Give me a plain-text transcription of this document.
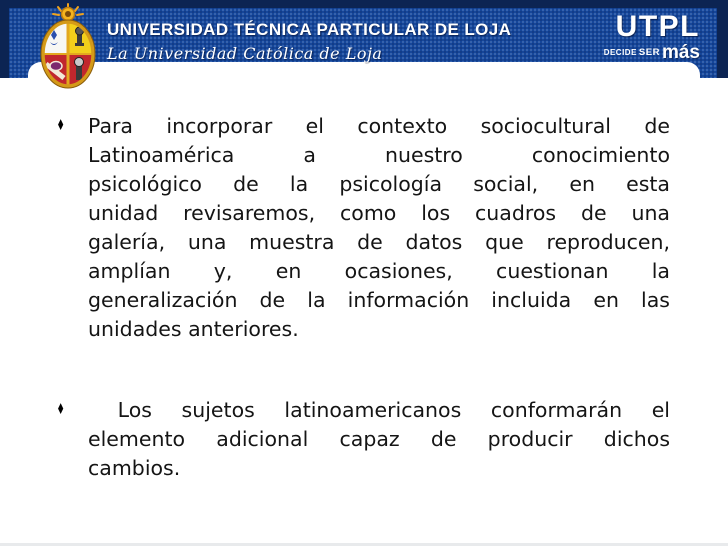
UNIVERSIDAD TÉCNICA PARTICULAR DE LOJA
La Universidad Católica de Loja
UTPL
DECIDE SER más
♦ Para incorporar el contexto sociocultural de
Latinoamérica a nuestro conocimiento
psicológico de la psicología social, en esta
unidad revisaremos, como los cuadros de una
galería, una muestra de datos que reproducen,
amplían y, en ocasiones, cuestionan la
generalización de la información incluida en las
unidades anteriores.
♦ Los sujetos latinoamericanos conformarán el
elemento adicional capaz de producir dichos
cambios.
